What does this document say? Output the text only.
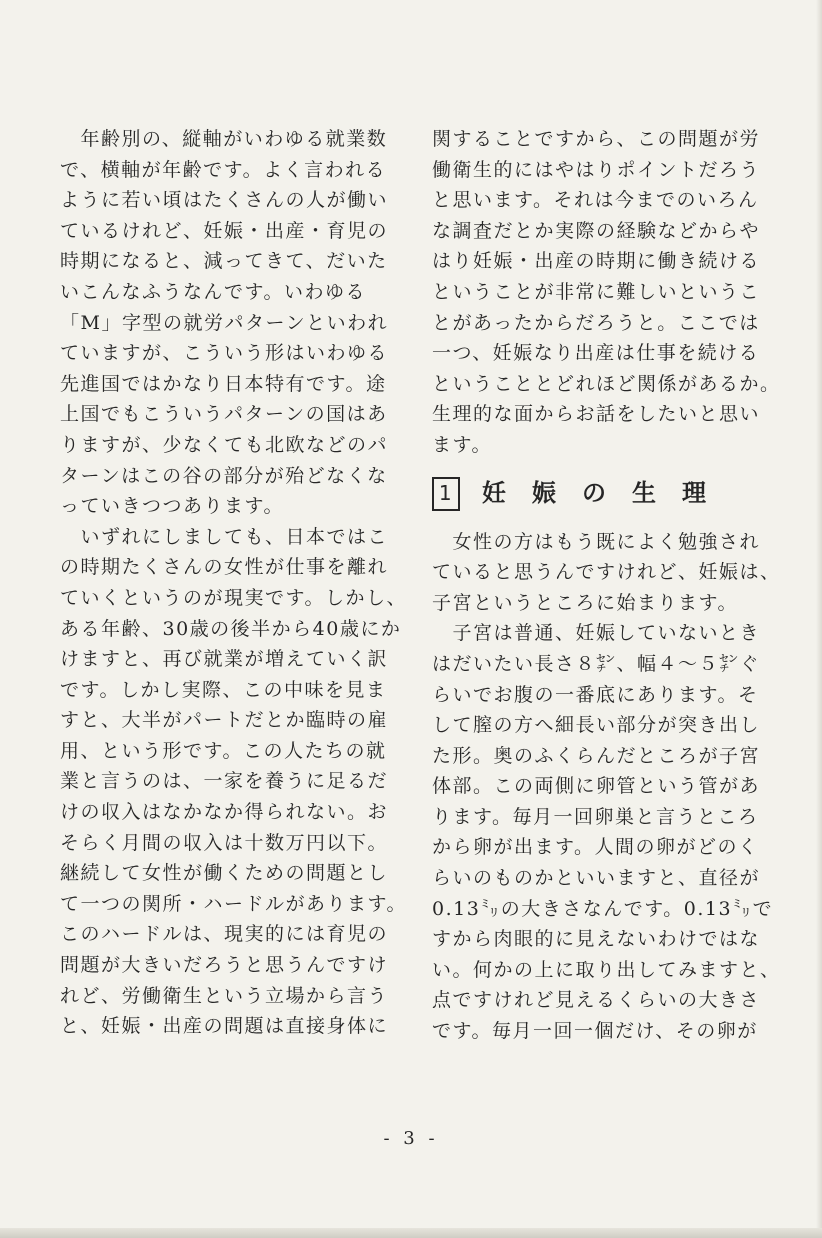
　年齢別の、縦軸がいわゆる就業数
で、横軸が年齢です。よく言われる
ように若い頃はたくさんの人が働い
ているけれど、妊娠・出産・育児の
時期になると、減ってきて、だいた
いこんなふうなんです。いわゆる
「M」字型の就労パターンといわれ
ていますが、こういう形はいわゆる
先進国ではかなり日本特有です。途
上国でもこういうパターンの国はあ
りますが、少なくても北欧などのパ
ターンはこの谷の部分が殆どなくな
っていきつつあります。
　いずれにしましても、日本ではこ
の時期たくさんの女性が仕事を離れ
ていくというのが現実です。しかし、
ある年齢、30歳の後半から40歳にか
けますと、再び就業が増えていく訳
です。しかし実際、この中味を見ま
すと、大半がパートだとか臨時の雇
用、という形です。この人たちの就
業と言うのは、一家を養うに足るだ
けの収入はなかなか得られない。お
そらく月間の収入は十数万円以下。
継続して女性が働くための問題とし
て一つの関所・ハードルがあります。
このハードルは、現実的には育児の
問題が大きいだろうと思うんですけ
れど、労働衛生という立場から言う
と、妊娠・出産の問題は直接身体に
関することですから、この問題が労
働衛生的にはやはりポイントだろう
と思います。それは今までのいろん
な調査だとか実際の経験などからや
はり妊娠・出産の時期に働き続ける
ということが非常に難しいというこ
とがあったからだろうと。ここでは
一つ、妊娠なり出産は仕事を続ける
ということとどれほど関係があるか。
生理的な面からお話をしたいと思い
ます。
1 妊娠の生理
　女性の方はもう既によく勉強され
ていると思うんですけれど、妊娠は、
子宮というところに始まります。
　子宮は普通、妊娠していないとき
はだいたい長さ８㌢、幅４～５㌢ぐ
らいでお腹の一番底にあります。そ
して膣の方へ細長い部分が突き出し
た形。奥のふくらんだところが子宮
体部。この両側に卵管という管があ
ります。毎月一回卵巣と言うところ
から卵が出ます。人間の卵がどのく
らいのものかといいますと、直径が
0.13㍉の大きさなんです。0.13㍉で
すから肉眼的に見えないわけではな
い。何かの上に取り出してみますと、
点ですけれど見えるくらいの大きさ
です。毎月一回一個だけ、その卵が
- 3 -
